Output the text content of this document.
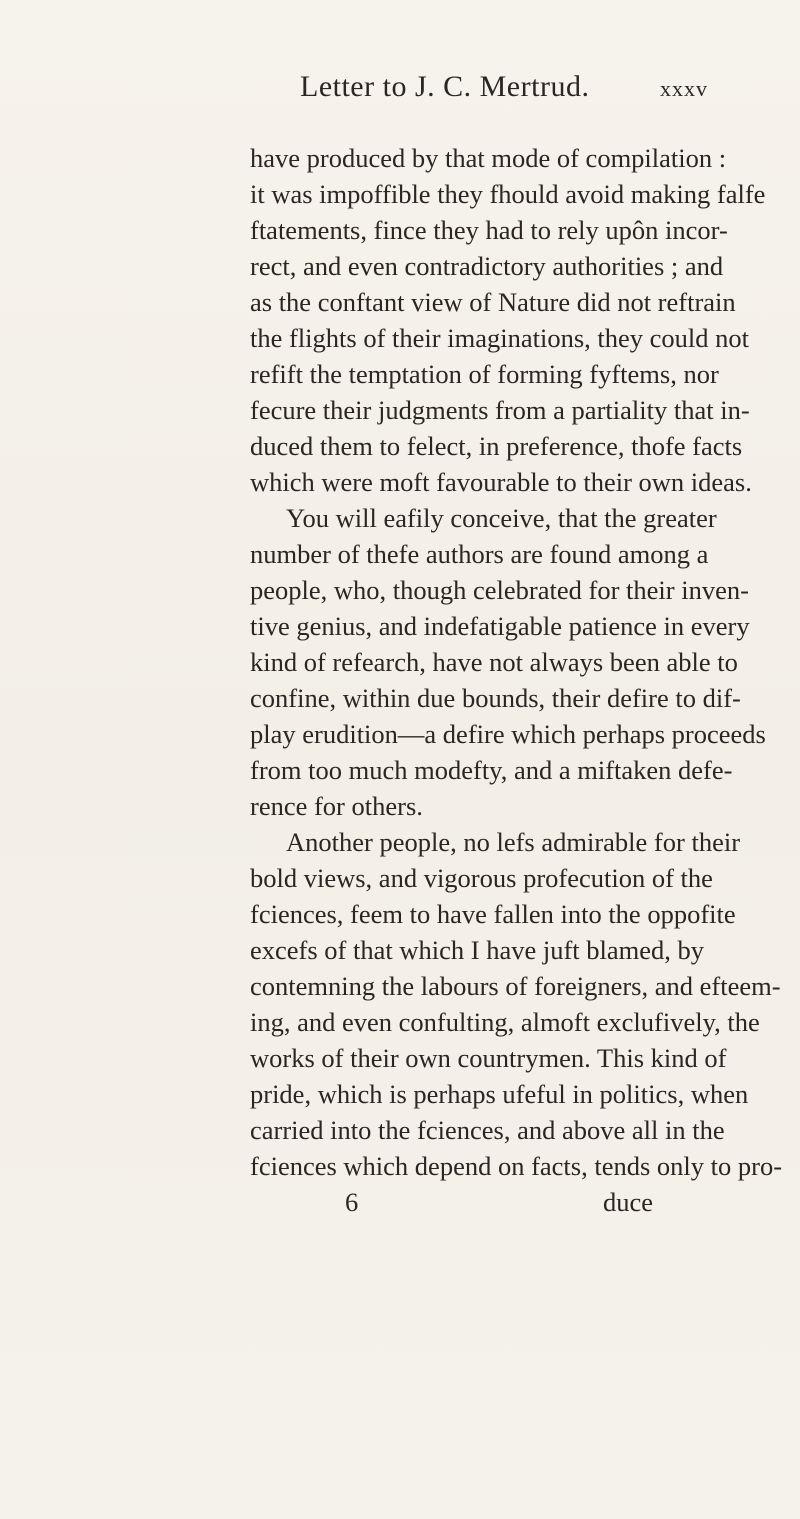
Letter to J. C. Mertrud.	xxxv
have produced by that mode of compilation :
it was impoffible they fhould avoid making falfe
ftatements, fince they had to rely upôn incor-
rect, and even contradictory authorities ; and
as the conftant view of Nature did not reftrain
the flights of their imaginations, they could not
refift the temptation of forming fyftems, nor
fecure their judgments from a partiality that in-
duced them to felect, in preference, thofe facts
which were moft favourable to their own ideas.
You will eafily conceive, that the greater
number of thefe authors are found among a
people, who, though celebrated for their inven-
tive genius, and indefatigable patience in every
kind of refearch, have not always been able to
confine, within due bounds, their defire to dif-
play erudition—a defire which perhaps proceeds
from too much modefty, and a miftaken defe-
rence for others.
Another people, no lefs admirable for their
bold views, and vigorous profecution of the
fciences, feem to have fallen into the oppofite
excefs of that which I have juft blamed, by
contemning the labours of foreigners, and efteem-
ing, and even confulting, almoft exclufively, the
works of their own countrymen. This kind of
pride, which is perhaps ufeful in politics, when
carried into the fciences, and above all in the
fciences which depend on facts, tends only to pro-
6	duce
